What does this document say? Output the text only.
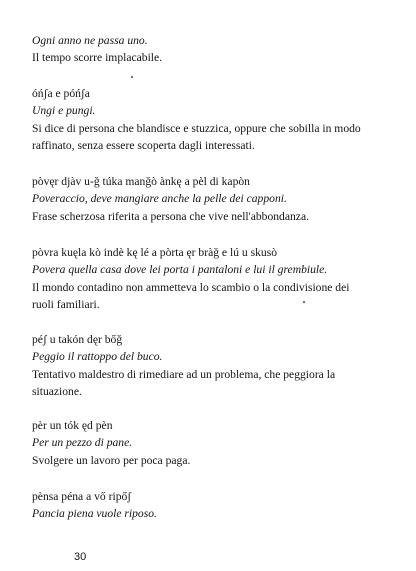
Ogni anno ne passa uno.
Il tempo scorre implacabile.
óńʃa e póńʃa
Ungi e pungi.
Si dice di persona che blandisce e stuzzica, oppure che sobilla in modo
raffinato, senza essere scoperta dagli interessati.
pòvęr djàv u-ğ túka manğò ànkę a pèl di kapòn
Poveraccio, deve mangiare anche la pelle dei capponi.
Frase scherzosa riferita a persona che vive nell'abbondanza.
pòvra kuęla kò indè kę lé a pòrta ęr bràğ e lú u skusò
Povera quella casa dove lei porta i pantaloni e lui il grembiule.
Il mondo contadino non ammetteva lo scambio o la condivisione dei
ruoli familiari.
péʃ u takón dęr bőğ
Peggio il rattoppo del buco.
Tentativo maldestro di rimediare ad un problema, che peggiora la
situazione.
pèr un tók ęd pèn
Per un pezzo di pane.
Svolgere un lavoro per poca paga.
pènsa péna a vő ripőʃ
Pancia piena vuole riposo.
30
